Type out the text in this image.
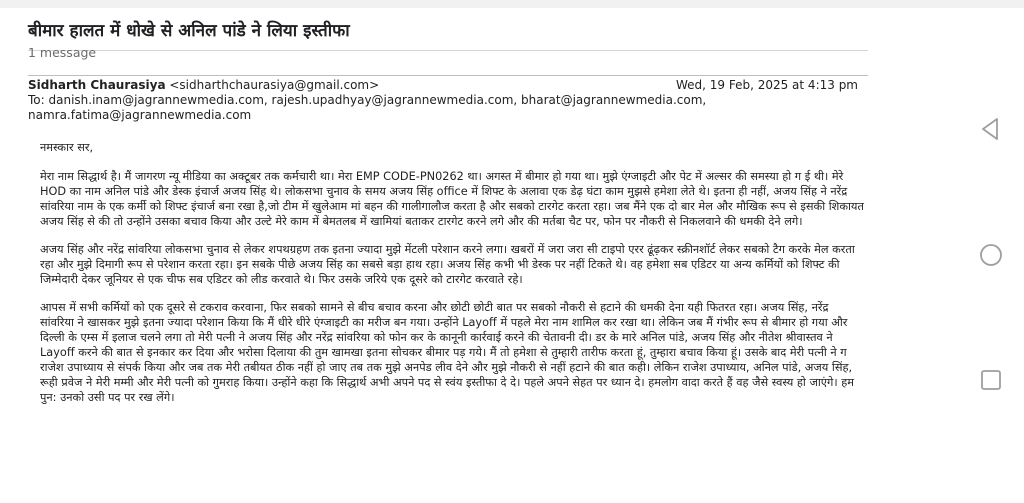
बीमार हालत में धोखे से अनिल पांडे ने लिया इस्तीफा
1 message
Sidharth Chaurasiya <sidharthchaurasiya@gmail.com>	Wed, 19 Feb, 2025 at 4:13 pm
To: danish.inam@jagrannewmedia.com, rajesh.upadhyay@jagrannewmedia.com, bharat@jagrannewmedia.com, namra.fatima@jagrannewmedia.com

नमस्कार सर,

मेरा नाम सिद्धार्थ है। मैं जागरण न्यू मीडिया का अक्टूबर तक कर्मचारी था। मेरा EMP CODE-PN0262 था। अगस्त में बीमार हो गया था। मुझे एंग्जाइटी और पेट में अल्सर की समस्या हो ग ई थी। मेरे HOD का नाम अनिल पांडे और डेस्क इंचार्ज अजय सिंह थे। लोकसभा चुनाव के समय अजय सिंह office में शिफ्ट के अलावा एक डेढ़ घंटा काम मुझसे हमेशा लेते थे। इतना ही नहीं, अजय सिंह ने नरेंद्र सांवरिया नाम के एक कर्मी को शिफ्ट इंचार्ज बना रखा है,जो टीम में खुलेआम मां बहन की गालीगालौज करता है और सबको टारगेट करता रहा। जब मैंने एक दो बार मेल और मौखिक रूप से इसकी शिकायत अजय सिंह से की तो उन्होंने उसका बचाव किया और उल्टे मेरे काम में बेमतलब में खामियां बताकर टारगेट करने लगे और की मर्तबा चैट पर, फोन पर नौकरी से निकलवाने की धमकी देने लगे।

अजय सिंह और नरेंद्र सांवरिया लोकसभा चुनाव से लेकर शपथग्रहण तक इतना ज्यादा मुझे मेंटली परेशान करने लगा। खबरों में जरा जरा सी टाइपो एरर ढूंढ़कर स्क्रीनशॉर्ट लेकर सबको टैग करके मेल करता रहा और मुझे दिमागी रूप से परेशान करता रहा। इन सबके पीछे अजय सिंह का सबसे बड़ा हाथ रहा। अजय सिंह कभी भी डेस्क पर नहीं टिकते थे। वह हमेशा सब एडिटर या अन्य कर्मियों को शिफ्ट की जिम्मेदारी देकर जूनियर से एक चीफ सब एडिटर को लीड करवाते थे। फिर उसके जरिये एक दूसरे को टारगेट करवाते रहे।

आपस में सभी कर्मियों को एक दूसरे से टकराव करवाना, फिर सबको सामने से बीच बचाव करना और छोटी छोटी बात पर सबको नौकरी से हटाने की धमकी देना यही फितरत रहा। अजय सिंह, नरेंद्र सांवरिया ने खासकर मुझे इतना ज्यादा परेशान किया कि मैं धीरे धीरे एंग्जाइटी का मरीज बन गया। उन्होंने Layoff में पहले मेरा नाम शामिल कर रखा था। लेकिन जब मैं गंभीर रूप से बीमार हो गया और दिल्ली के एम्स में इलाज चलने लगा तो मेरी पत्नी ने अजय सिंह और नरेंद्र सांवरिया को फोन कर के कानूनी कार्रवाई करने की चेतावनी दी। डर के मारे अनिल पांडे, अजय सिंह और नीतेश श्रीवास्तव ने Layoff करने की बात से इनकार कर दिया और भरोसा दिलाया की तुम खामखा इतना सोचकर बीमार पड़ गये। मैं तो हमेशा से तुम्हारी तारीफ करता हूं, तुम्हारा बचाव किया हूं। उसके बाद मेरी पत्नी ने ग राजेश उपाध्याय से संपर्क किया और जब तक मेरी तबीयत ठीक नहीं हो जाए तब तक मुझे अनपेड लीव देने और मुझे नौकरी से नहीं हटाने की बात कही। लेकिन राजेश उपाध्याय, अनिल पांडे, अजय सिंह, रूही प्रवेज ने मेरी मम्मी और मेरी पत्नी को गुमराह किया। उन्होंने कहा कि सिद्धार्थ अभी अपने पद से स्वंय इस्तीफा दे दे। पहले अपने सेहत पर ध्यान दे। हमलोग वादा करते हैं वह जैसे स्वस्य हो जाएंगे। हम पुन: उनको उसी पद पर रख लेंगे।
